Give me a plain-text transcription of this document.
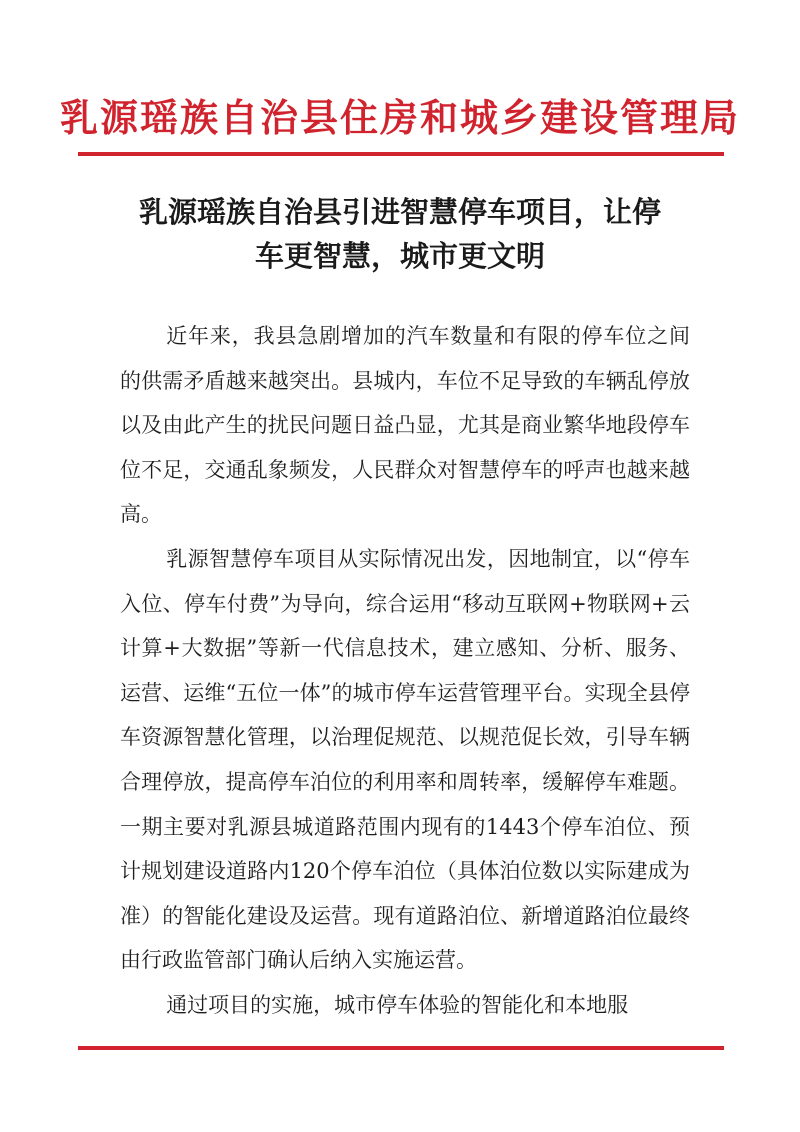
乳源瑶族自治县住房和城乡建设管理局
乳源瑶族自治县引进智慧停车项目，让停
车更智慧，城市更文明

近年来，我县急剧增加的汽车数量和有限的停车位之间的供需矛盾越来越突出。县城内，车位不足导致的车辆乱停放以及由此产生的扰民问题日益凸显，尤其是商业繁华地段停车位不足，交通乱象频发，人民群众对智慧停车的呼声也越来越高。

乳源智慧停车项目从实际情况出发，因地制宜，以“停车入位、停车付费”为导向，综合运用“移动互联网+物联网+云计算+大数据”等新一代信息技术，建立感知、分析、服务、运营、运维“五位一体”的城市停车运营管理平台。实现全县停车资源智慧化管理，以治理促规范、以规范促长效，引导车辆合理停放，提高停车泊位的利用率和周转率，缓解停车难题。一期主要对乳源县城道路范围内现有的1443个停车泊位、预计规划建设道路内120个停车泊位（具体泊位数以实际建成为准）的智能化建设及运营。现有道路泊位、新增道路泊位最终由行政监管部门确认后纳入实施运营。

通过项目的实施，城市停车体验的智能化和本地服
